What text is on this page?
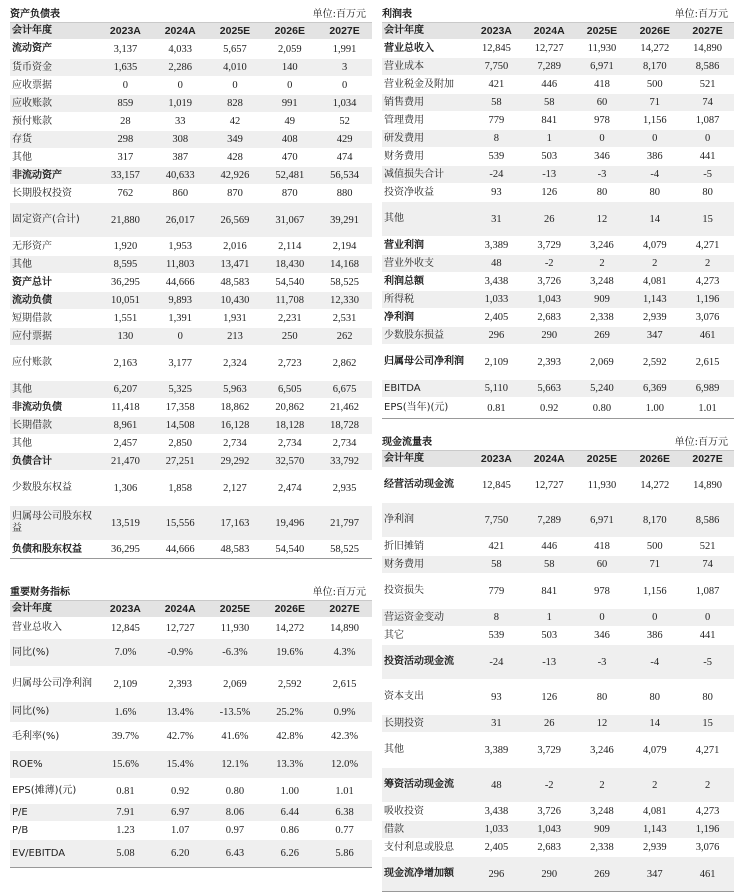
资产负债表	单位:百万元
会计年度	2023A	2024A	2025E	2026E	2027E
流动资产	3,137	4,033	5,657	2,059	1,991
货币资金	1,635	2,286	4,010	140	3
应收票据	0	0	0	0	0
应收账款	859	1,019	828	991	1,034
预付账款	28	33	42	49	52
存货	298	308	349	408	429
其他	317	387	428	470	474
非流动资产	33,157	40,633	42,926	52,481	56,534
长期股权投资	762	860	870	870	880
固定资产(合计)	21,880	26,017	26,569	31,067	39,291
无形资产	1,920	1,953	2,016	2,114	2,194
其他	8,595	11,803	13,471	18,430	14,168
资产总计	36,295	44,666	48,583	54,540	58,525
流动负债	10,051	9,893	10,430	11,708	12,330
短期借款	1,551	1,391	1,931	2,231	2,531
应付票据	130	0	213	250	262
应付账款	2,163	3,177	2,324	2,723	2,862
其他	6,207	5,325	5,963	6,505	6,675
非流动负债	11,418	17,358	18,862	20,862	21,462
长期借款	8,961	14,508	16,128	18,128	18,728
其他	2,457	2,850	2,734	2,734	2,734
负债合计	21,470	27,251	29,292	32,570	33,792
少数股东权益	1,306	1,858	2,127	2,474	2,935
归属母公司股东权益	13,519	15,556	17,163	19,496	21,797
负债和股东权益	36,295	44,666	48,583	54,540	58,525
重要财务指标	单位:百万元
会计年度	2023A	2024A	2025E	2026E	2027E
营业总收入	12,845	12,727	11,930	14,272	14,890
同比(%)	7.0%	-0.9%	-6.3%	19.6%	4.3%
归属母公司净利润	2,109	2,393	2,069	2,592	2,615
同比(%)	1.6%	13.4%	-13.5%	25.2%	0.9%
毛利率(%)	39.7%	42.7%	41.6%	42.8%	42.3%
ROE%	15.6%	15.4%	12.1%	13.3%	12.0%
EPS(摊薄)(元)	0.81	0.92	0.80	1.00	1.01
P/E	7.91	6.97	8.06	6.44	6.38
P/B	1.23	1.07	0.97	0.86	0.77
EV/EBITDA	5.08	6.20	6.43	6.26	5.86
利润表	单位:百万元
会计年度	2023A	2024A	2025E	2026E	2027E
营业总收入	12,845	12,727	11,930	14,272	14,890
营业成本	7,750	7,289	6,971	8,170	8,586
营业税金及附加	421	446	418	500	521
销售费用	58	58	60	71	74
管理费用	779	841	978	1,156	1,087
研发费用	8	1	0	0	0
财务费用	539	503	346	386	441
减值损失合计	-24	-13	-3	-4	-5
投资净收益	93	126	80	80	80
其他	31	26	12	14	15
营业利润	3,389	3,729	3,246	4,079	4,271
营业外收支	48	-2	2	2	2
利润总额	3,438	3,726	3,248	4,081	4,273
所得税	1,033	1,043	909	1,143	1,196
净利润	2,405	2,683	2,338	2,939	3,076
少数股东损益	296	290	269	347	461
归属母公司净利润	2,109	2,393	2,069	2,592	2,615
EBITDA	5,110	5,663	5,240	6,369	6,989
EPS(当年)(元)	0.81	0.92	0.80	1.00	1.01
现金流量表	单位:百万元
会计年度	2023A	2024A	2025E	2026E	2027E
经营活动现金流	12,845	12,727	11,930	14,272	14,890
净利润	7,750	7,289	6,971	8,170	8,586
折旧摊销	421	446	418	500	521
财务费用	58	58	60	71	74
投资损失	779	841	978	1,156	1,087
营运资金变动	8	1	0	0	0
其它	539	503	346	386	441
投资活动现金流	-24	-13	-3	-4	-5
资本支出	93	126	80	80	80
长期投资	31	26	12	14	15
其他	3,389	3,729	3,246	4,079	4,271
筹资活动现金流	48	-2	2	2	2
吸收投资	3,438	3,726	3,248	4,081	4,273
借款	1,033	1,043	909	1,143	1,196
支付利息或股息	2,405	2,683	2,338	2,939	3,076
现金流净增加额	296	290	269	347	461
